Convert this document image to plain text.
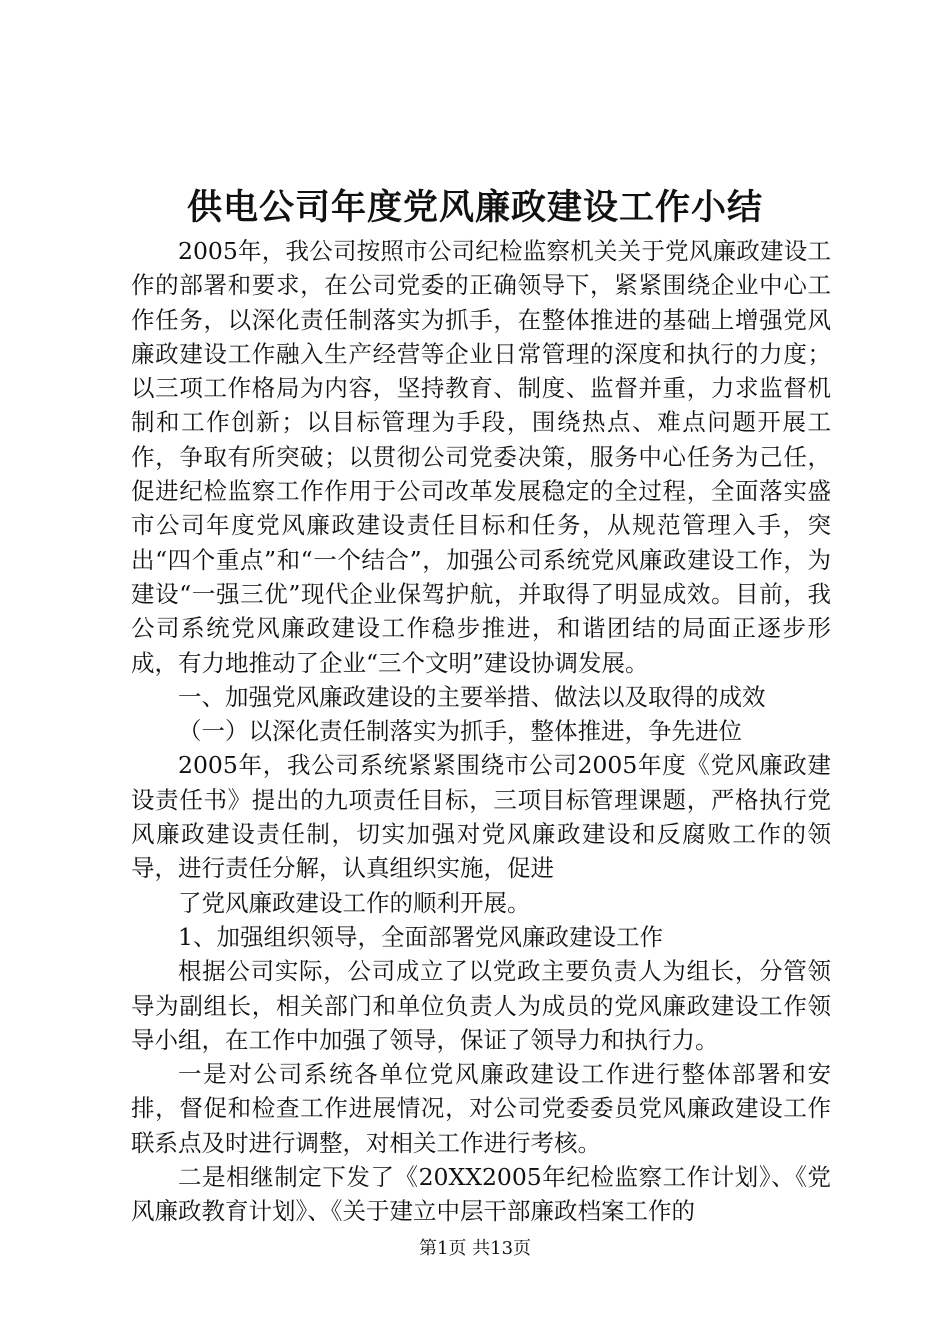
供电公司年度党风廉政建设工作小结

2005年，我公司按照市公司纪检监察机关关于党风廉政建设工作的部署和要求，在公司党委的正确领导下，紧紧围绕企业中心工作任务，以深化责任制落实为抓手，在整体推进的基础上增强党风廉政建设工作融入生产经营等企业日常管理的深度和执行的力度；以三项工作格局为内容，坚持教育、制度、监督并重，力求监督机制和工作创新；以目标管理为手段，围绕热点、难点问题开展工作，争取有所突破；以贯彻公司党委决策，服务中心任务为己任，促进纪检监察工作作用于公司改革发展稳定的全过程，全面落实盛市公司年度党风廉政建设责任目标和任务，从规范管理入手，突出“四个重点”和“一个结合”，加强公司系统党风廉政建设工作，为建设“一强三优”现代企业保驾护航，并取得了明显成效。目前，我公司系统党风廉政建设工作稳步推进，和谐团结的局面正逐步形成，有力地推动了企业“三个文明”建设协调发展。

一、加强党风廉政建设的主要举措、做法以及取得的成效

（一）以深化责任制落实为抓手，整体推进，争先进位

2005年，我公司系统紧紧围绕市公司2005年度《党风廉政建设责任书》提出的九项责任目标，三项目标管理课题，严格执行党风廉政建设责任制，切实加强对党风廉政建设和反腐败工作的领导，进行责任分解，认真组织实施，促进

了党风廉政建设工作的顺利开展。

1、加强组织领导，全面部署党风廉政建设工作

根据公司实际，公司成立了以党政主要负责人为组长，分管领导为副组长，相关部门和单位负责人为成员的党风廉政建设工作领导小组，在工作中加强了领导，保证了领导力和执行力。

一是对公司系统各单位党风廉政建设工作进行整体部署和安排，督促和检查工作进展情况，对公司党委委员党风廉政建设工作联系点及时进行调整，对相关工作进行考核。

二是相继制定下发了《20XX2005年纪检监察工作计划》、《党风廉政教育计划》、《关于建立中层干部廉政档案工作的

第1页 共13页
